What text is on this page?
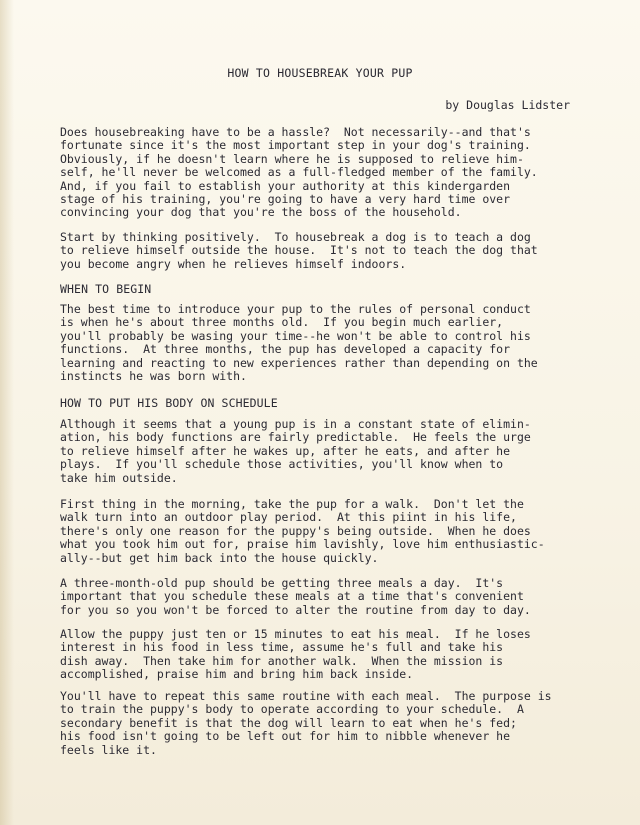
HOW TO HOUSEBREAK YOUR PUP
by Douglas Lidster
Does housebreaking have to be a hassle?  Not necessarily--and that's
fortunate since it's the most important step in your dog's training.
Obviously, if he doesn't learn where he is supposed to relieve him-
self, he'll never be welcomed as a full-fledged member of the family.
And, if you fail to establish your authority at this kindergarden
stage of his training, you're going to have a very hard time over
convincing your dog that you're the boss of the household.
Start by thinking positively.  To housebreak a dog is to teach a dog
to relieve himself outside the house.  It's not to teach the dog that
you become angry when he relieves himself indoors.
WHEN TO BEGIN
The best time to introduce your pup to the rules of personal conduct
is when he's about three months old.  If you begin much earlier,
you'll probably be wasing your time--he won't be able to control his
functions.  At three months, the pup has developed a capacity for
learning and reacting to new experiences rather than depending on the
instincts he was born with.
HOW TO PUT HIS BODY ON SCHEDULE
Although it seems that a young pup is in a constant state of elimin-
ation, his body functions are fairly predictable.  He feels the urge
to relieve himself after he wakes up, after he eats, and after he
plays.  If you'll schedule those activities, you'll know when to
take him outside.
First thing in the morning, take the pup for a walk.  Don't let the
walk turn into an outdoor play period.  At this piint in his life,
there's only one reason for the puppy's being outside.  When he does
what you took him out for, praise him lavishly, love him enthusiastic-
ally--but get him back into the house quickly.
A three-month-old pup should be getting three meals a day.  It's
important that you schedule these meals at a time that's convenient
for you so you won't be forced to alter the routine from day to day.
Allow the puppy just ten or 15 minutes to eat his meal.  If he loses
interest in his food in less time, assume he's full and take his
dish away.  Then take him for another walk.  When the mission is
accomplished, praise him and bring him back inside.
You'll have to repeat this same routine with each meal.  The purpose is
to train the puppy's body to operate according to your schedule.  A
secondary benefit is that the dog will learn to eat when he's fed;
his food isn't going to be left out for him to nibble whenever he
feels like it.
